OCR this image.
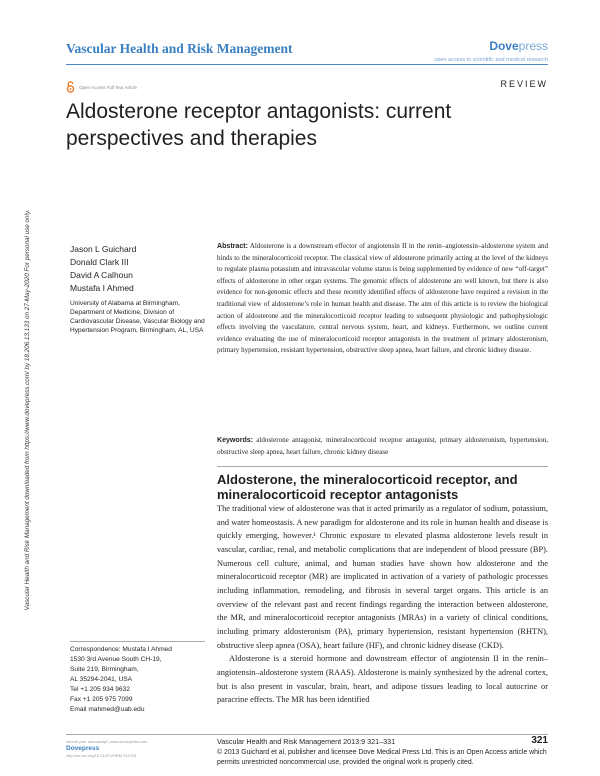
Vascular Health and Risk Management	Dovepress
open access to scientific and medical research
Open Access Full Text Article	REVIEW
Aldosterone receptor antagonists: current perspectives and therapies
Vascular Health and Risk Management downloaded from https://www.dovepress.com/ by 18.206.13.133 on 27-May-2020 For personal use only.	Jason L Guichard
Donald Clark III
David A Calhoun
Mustafa I Ahmed
University of Alabama at Birmingham, Department of Medicine, Division of Cardiovascular Disease, Vascular Biology and Hypertension Program, Birmingham, AL, USA
Abstract: Aldosterone is a downstream effector of angiotensin II in the renin–angiotensin–aldosterone system and binds to the mineralocorticoid receptor. The classical view of aldosterone primarily acting at the level of the kidneys to regulate plasma potassium and intravascular volume status is being supplemented by evidence of new “off-target” effects of aldosterone in other organ systems. The genomic effects of aldosterone are well known, but there is also evidence for non-genomic effects and these recently identified effects of aldosterone have required a revision in the traditional view of aldosterone’s role in human health and disease. The aim of this article is to review the biological action of aldosterone and the mineralocorticoid receptor leading to subsequent physiologic and pathophysiologic effects involving the vasculature, central nervous system, heart, and kidneys. Furthermore, we outline current evidence evaluating the use of mineralocorticoid receptor antagonists in the treatment of primary aldosteronism, primary hypertension, resistant hypertension, obstructive sleep apnea, heart failure, and chronic kidney disease.
Keywords: aldosterone antagonist, mineralocorticoid receptor antagonist, primary aldosteronism, hypertension, obstructive sleep apnea, heart failure, chronic kidney disease
Aldosterone, the mineralocorticoid receptor, and mineralocorticoid receptor antagonists

The traditional view of aldosterone was that it acted primarily as a regulator of sodium, potassium, and water homeostasis. A new paradigm for aldosterone and its role in human health and disease is quickly emerging, however.¹ Chronic exposure to elevated plasma aldosterone levels result in vascular, cardiac, renal, and metabolic complications that are independent of blood pressure (BP). Numerous cell culture, animal, and human studies have shown how aldosterone and the mineralocorticoid receptor (MR) are implicated in activation of a variety of pathologic processes including inflammation, remodeling, and fibrosis in several target organs. This article is an overview of the relevant past and recent findings regarding the interaction between aldosterone, the MR, and mineralocorticoid receptor antagonists (MRAs) in a variety of clinical conditions, including primary aldosteronism (PA), primary hypertension, resistant hypertension (RHTN), obstructive sleep apnea (OSA), heart failure (HF), and chronic kidney disease (CKD).

Aldosterone is a steroid hormone and downstream effector of angiotensin II in the renin–angiotensin–aldosterone system (RAAS). Aldosterone is mainly synthesized by the adrenal cortex, but is also present in vascular, brain, heart, and adipose tissues leading to local autocrine or paracrine effects. The MR has been identified

Correspondence: Mustafa I Ahmed
1530 3rd Avenue South CH-19,
Suite 219, Birmingham,
AL 35294-2041, USA
Tel +1 205 934 9632
Fax +1 205 975 7099
Email mahmed@uab.edu
submit your manuscript | www.dovepress.com
Dovepress
http://dx.doi.org/10.2147/VHRM.S11791
Vascular Health and Risk Management 2013:9 321–331	321
© 2013 Guichard et al, publisher and licensee Dove Medical Press Ltd. This is an Open Access article which permits unrestricted noncommercial use, provided the original work is properly cited.
